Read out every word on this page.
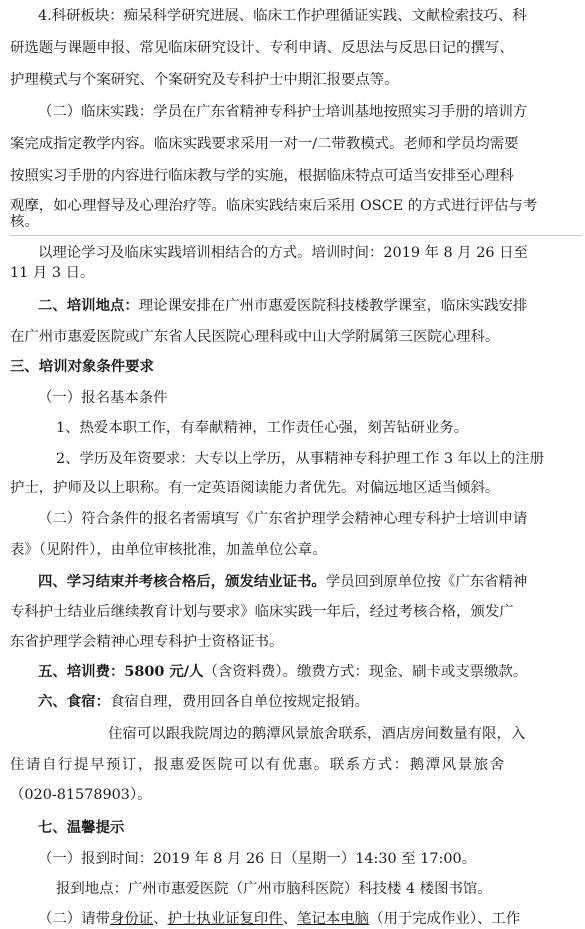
4.科研板块：痴呆科学研究进展、临床工作护理循证实践、文献检索技巧、科
研选题与课题申报、常见临床研究设计、专利申请、反思法与反思日记的撰写、
护理模式与个案研究、个案研究及专科护士中期汇报要点等。
（二）临床实践：学员在广东省精神专科护士培训基地按照实习手册的培训方
案完成指定教学内容。临床实践要求采用一对一/二带教模式。老师和学员均需要
按照实习手册的内容进行临床教与学的实施，根据临床特点可适当安排至心理科
观摩，如心理督导及心理治疗等。临床实践结束后采用 OSCE 的方式进行评估与考
核。
以理论学习及临床实践培训相结合的方式。培训时间：2019 年 8 月 26 日至
11 月 3 日。
二、培训地点：理论课安排在广州市惠爱医院科技楼教学课室，临床实践安排
在广州市惠爱医院或广东省人民医院心理科或中山大学附属第三医院心理科。
三、培训对象条件要求
（一）报名基本条件
1、热爱本职工作，有奉献精神，工作责任心强，刻苦钻研业务。
2、学历及年资要求：大专以上学历，从事精神专科护理工作 3 年以上的注册
护士，护师及以上职称。有一定英语阅读能力者优先。对偏远地区适当倾斜。
（二）符合条件的报名者需填写《广东省护理学会精神心理专科护士培训申请
表》（见附件），由单位审核批准，加盖单位公章。
四、学习结束并考核合格后，颁发结业证书。学员回到原单位按《广东省精神
专科护士结业后继续教育计划与要求》临床实践一年后，经过考核合格，颁发广
东省护理学会精神心理专科护士资格证书。
五、培训费：5800 元/人（含资料费）。缴费方式：现金、刷卡或支票缴款。
六、食宿：食宿自理，费用回各自单位按规定报销。
住宿可以跟我院周边的鹅潭风景旅舍联系，酒店房间数量有限，入
住请自行提早预订，报惠爱医院可以有优惠。联系方式：鹅潭风景旅舍
（020-81578903）。
七、温馨提示
（一）报到时间：2019 年 8 月 26 日（星期一）14:30 至 17:00。
报到地点：广州市惠爱医院（广州市脑科医院）科技楼 4 楼图书馆。
（二）请带身份证、护士执业证复印件、笔记本电脑（用于完成作业）、工作
